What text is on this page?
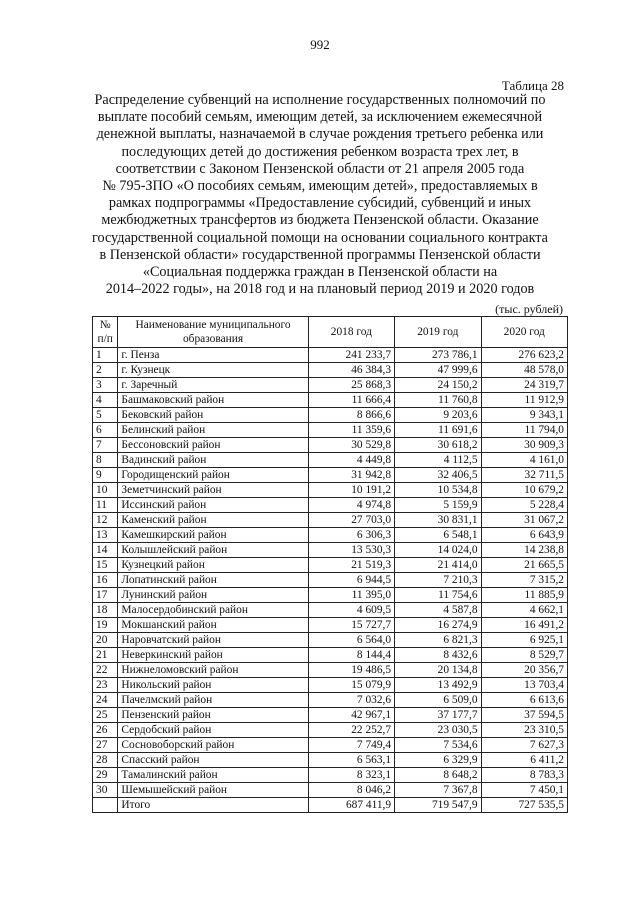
992
Таблица 28
Распределение субвенций на исполнение государственных полномочий по
выплате пособий семьям, имеющим детей, за исключением ежемесячной
денежной выплаты, назначаемой в случае рождения третьего ребенка или
последующих детей до достижения ребенком возраста трех лет, в
соответствии с Законом Пензенской области от 21 апреля 2005 года
№ 795-ЗПО «О пособиях семьям, имеющим детей», предоставляемых в
рамках подпрограммы «Предоставление субсидий, субвенций и иных
межбюджетных трансфертов из бюджета Пензенской области. Оказание
государственной социальной помощи на основании социального контракта
в Пензенской области» государственной программы Пензенской области
«Социальная поддержка граждан в Пензенской области на
2014–2022 годы», на 2018 год и на плановый период 2019 и 2020 годов
(тыс. рублей)
№ п/п	Наименование муниципального образования	2018 год	2019 год	2020 год
1	г. Пенза	241 233,7	273 786,1	276 623,2
2	г. Кузнецк	46 384,3	47 999,6	48 578,0
3	г. Заречный	25 868,3	24 150,2	24 319,7
4	Башмаковский район	11 666,4	11 760,8	11 912,9
5	Бековский район	8 866,6	9 203,6	9 343,1
6	Белинский район	11 359,6	11 691,6	11 794,0
7	Бессоновский район	30 529,8	30 618,2	30 909,3
8	Вадинский район	4 449,8	4 112,5	4 161,0
9	Городищенский район	31 942,8	32 406,5	32 711,5
10	Земетчинский район	10 191,2	10 534,8	10 679,2
11	Иссинский район	4 974,8	5 159,9	5 228,4
12	Каменский район	27 703,0	30 831,1	31 067,2
13	Камешкирский район	6 306,3	6 548,1	6 643,9
14	Колышлейский район	13 530,3	14 024,0	14 238,8
15	Кузнецкий район	21 519,3	21 414,0	21 665,5
16	Лопатинский район	6 944,5	7 210,3	7 315,2
17	Лунинский район	11 395,0	11 754,6	11 885,9
18	Малосердобинский район	4 609,5	4 587,8	4 662,1
19	Мокшанский район	15 727,7	16 274,9	16 491,2
20	Наровчатский район	6 564,0	6 821,3	6 925,1
21	Неверкинский район	8 144,4	8 432,6	8 529,7
22	Нижнеломовский район	19 486,5	20 134,8	20 356,7
23	Никольский район	15 079,9	13 492,9	13 703,4
24	Пачелмский район	7 032,6	6 509,0	6 613,6
25	Пензенский район	42 967,1	37 177,7	37 594,5
26	Сердобский район	22 252,7	23 030,5	23 310,5
27	Сосновоборский район	7 749,4	7 534,6	7 627,3
28	Спасский район	6 563,1	6 329,9	6 411,2
29	Тамалинский район	8 323,1	8 648,2	8 783,3
30	Шемышейский район	8 046,2	7 367,8	7 450,1
	Итого	687 411,9	719 547,9	727 535,5
